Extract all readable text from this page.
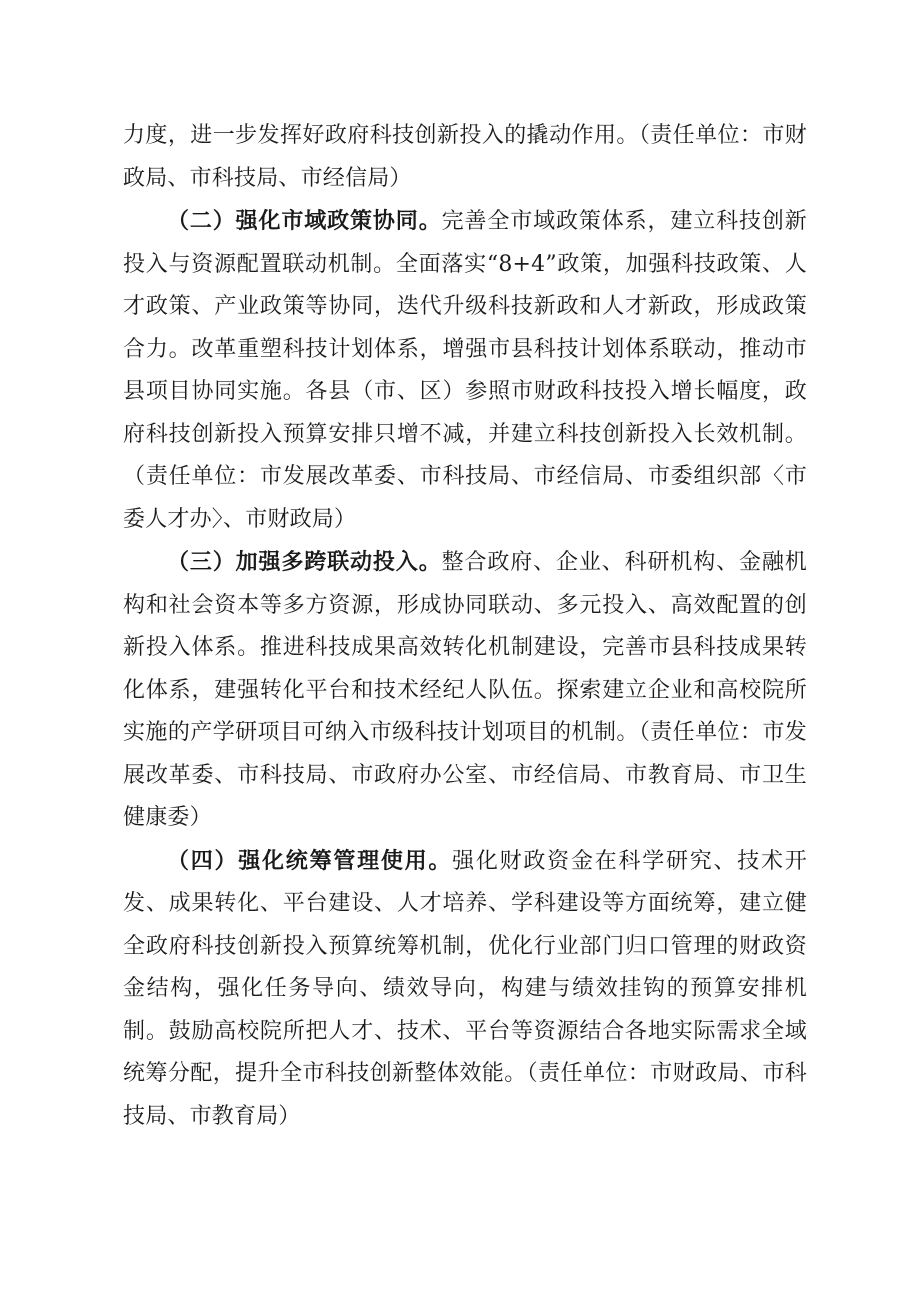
力度，进一步发挥好政府科技创新投入的撬动作用。（责任单位：市财政局、市科技局、市经信局）

（二）强化市域政策协同。完善全市域政策体系，建立科技创新投入与资源配置联动机制。全面落实“8+4”政策，加强科技政策、人才政策、产业政策等协同，迭代升级科技新政和人才新政，形成政策合力。改革重塑科技计划体系，增强市县科技计划体系联动，推动市县项目协同实施。各县（市、区）参照市财政科技投入增长幅度，政府科技创新投入预算安排只增不减，并建立科技创新投入长效机制。（责任单位：市发展改革委、市科技局、市经信局、市委组织部〈市委人才办〉、市财政局）

（三）加强多跨联动投入。整合政府、企业、科研机构、金融机构和社会资本等多方资源，形成协同联动、多元投入、高效配置的创新投入体系。推进科技成果高效转化机制建设，完善市县科技成果转化体系，建强转化平台和技术经纪人队伍。探索建立企业和高校院所实施的产学研项目可纳入市级科技计划项目的机制。（责任单位：市发展改革委、市科技局、市政府办公室、市经信局、市教育局、市卫生健康委）

（四）强化统筹管理使用。强化财政资金在科学研究、技术开发、成果转化、平台建设、人才培养、学科建设等方面统筹，建立健全政府科技创新投入预算统筹机制，优化行业部门归口管理的财政资金结构，强化任务导向、绩效导向，构建与绩效挂钩的预算安排机制。鼓励高校院所把人才、技术、平台等资源结合各地实际需求全域统筹分配，提升全市科技创新整体效能。（责任单位：市财政局、市科技局、市教育局）
